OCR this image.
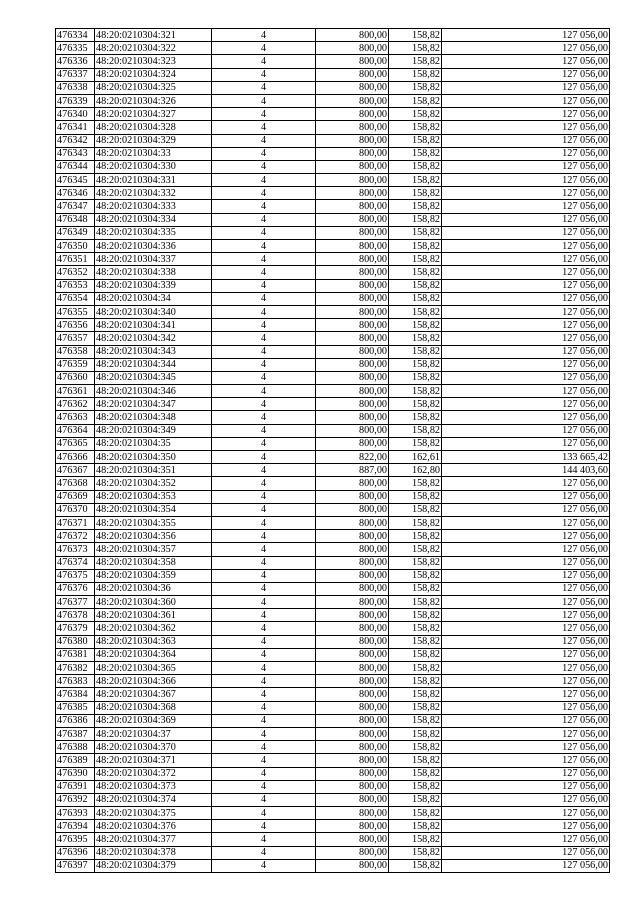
476334	48:20:0210304:321	4	800,00	158,82	127 056,00
476335	48:20:0210304:322	4	800,00	158,82	127 056,00
476336	48:20:0210304:323	4	800,00	158,82	127 056,00
476337	48:20:0210304:324	4	800,00	158,82	127 056,00
476338	48:20:0210304:325	4	800,00	158,82	127 056,00
476339	48:20:0210304:326	4	800,00	158,82	127 056,00
476340	48:20:0210304:327	4	800,00	158,82	127 056,00
476341	48:20:0210304:328	4	800,00	158,82	127 056,00
476342	48:20:0210304:329	4	800,00	158,82	127 056,00
476343	48:20:0210304:33	4	800,00	158,82	127 056,00
476344	48:20:0210304:330	4	800,00	158,82	127 056,00
476345	48:20:0210304:331	4	800,00	158,82	127 056,00
476346	48:20:0210304:332	4	800,00	158,82	127 056,00
476347	48:20:0210304:333	4	800,00	158,82	127 056,00
476348	48:20:0210304:334	4	800,00	158,82	127 056,00
476349	48:20:0210304:335	4	800,00	158,82	127 056,00
476350	48:20:0210304:336	4	800,00	158,82	127 056,00
476351	48:20:0210304:337	4	800,00	158,82	127 056,00
476352	48:20:0210304:338	4	800,00	158,82	127 056,00
476353	48:20:0210304:339	4	800,00	158,82	127 056,00
476354	48:20:0210304:34	4	800,00	158,82	127 056,00
476355	48:20:0210304:340	4	800,00	158,82	127 056,00
476356	48:20:0210304:341	4	800,00	158,82	127 056,00
476357	48:20:0210304:342	4	800,00	158,82	127 056,00
476358	48:20:0210304:343	4	800,00	158,82	127 056,00
476359	48:20:0210304:344	4	800,00	158,82	127 056,00
476360	48:20:0210304:345	4	800,00	158,82	127 056,00
476361	48:20:0210304:346	4	800,00	158,82	127 056,00
476362	48:20:0210304:347	4	800,00	158,82	127 056,00
476363	48:20:0210304:348	4	800,00	158,82	127 056,00
476364	48:20:0210304:349	4	800,00	158,82	127 056,00
476365	48:20:0210304:35	4	800,00	158,82	127 056,00
476366	48:20:0210304:350	4	822,00	162,61	133 665,42
476367	48:20:0210304:351	4	887,00	162,80	144 403,60
476368	48:20:0210304:352	4	800,00	158,82	127 056,00
476369	48:20:0210304:353	4	800,00	158,82	127 056,00
476370	48:20:0210304:354	4	800,00	158,82	127 056,00
476371	48:20:0210304:355	4	800,00	158,82	127 056,00
476372	48:20:0210304:356	4	800,00	158,82	127 056,00
476373	48:20:0210304:357	4	800,00	158,82	127 056,00
476374	48:20:0210304:358	4	800,00	158,82	127 056,00
476375	48:20:0210304:359	4	800,00	158,82	127 056,00
476376	48:20:0210304:36	4	800,00	158,82	127 056,00
476377	48:20:0210304:360	4	800,00	158,82	127 056,00
476378	48:20:0210304:361	4	800,00	158,82	127 056,00
476379	48:20:0210304:362	4	800,00	158,82	127 056,00
476380	48:20:0210304:363	4	800,00	158,82	127 056,00
476381	48:20:0210304:364	4	800,00	158,82	127 056,00
476382	48:20:0210304:365	4	800,00	158,82	127 056,00
476383	48:20:0210304:366	4	800,00	158,82	127 056,00
476384	48:20:0210304:367	4	800,00	158,82	127 056,00
476385	48:20:0210304:368	4	800,00	158,82	127 056,00
476386	48:20:0210304:369	4	800,00	158,82	127 056,00
476387	48:20:0210304:37	4	800,00	158,82	127 056,00
476388	48:20:0210304:370	4	800,00	158,82	127 056,00
476389	48:20:0210304:371	4	800,00	158,82	127 056,00
476390	48:20:0210304:372	4	800,00	158,82	127 056,00
476391	48:20:0210304:373	4	800,00	158,82	127 056,00
476392	48:20:0210304:374	4	800,00	158,82	127 056,00
476393	48:20:0210304:375	4	800,00	158,82	127 056,00
476394	48:20:0210304:376	4	800,00	158,82	127 056,00
476395	48:20:0210304:377	4	800,00	158,82	127 056,00
476396	48:20:0210304:378	4	800,00	158,82	127 056,00
476397	48:20:0210304:379	4	800,00	158,82	127 056,00
